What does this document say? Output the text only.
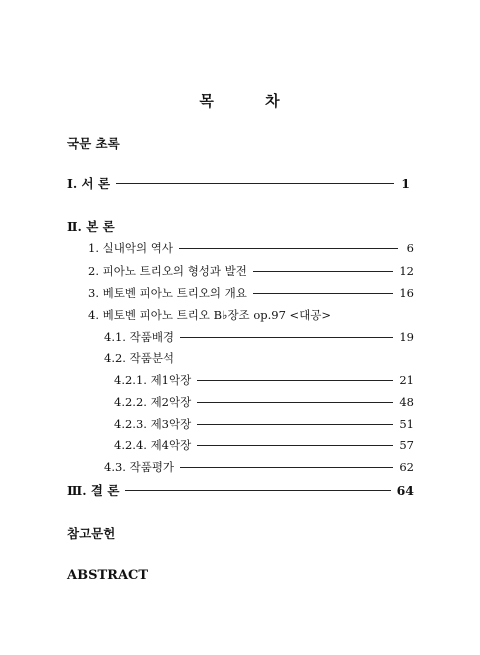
목 차
국문 초록
Ⅰ. 서 론	1
Ⅱ. 본 론
1. 실내악의 역사	6
2. 피아노 트리오의 형성과 발전	12
3. 베토벤 피아노 트리오의 개요	16
4. 베토벤 피아노 트리오 B♭장조 op.97 <대공>
4.1. 작품배경	19
4.2. 작품분석
4.2.1. 제1악장	21
4.2.2. 제2악장	48
4.2.3. 제3악장	51
4.2.4. 제4악장	57
4.3. 작품평가	62
Ⅲ. 결 론	64
참고문헌
ABSTRACT
